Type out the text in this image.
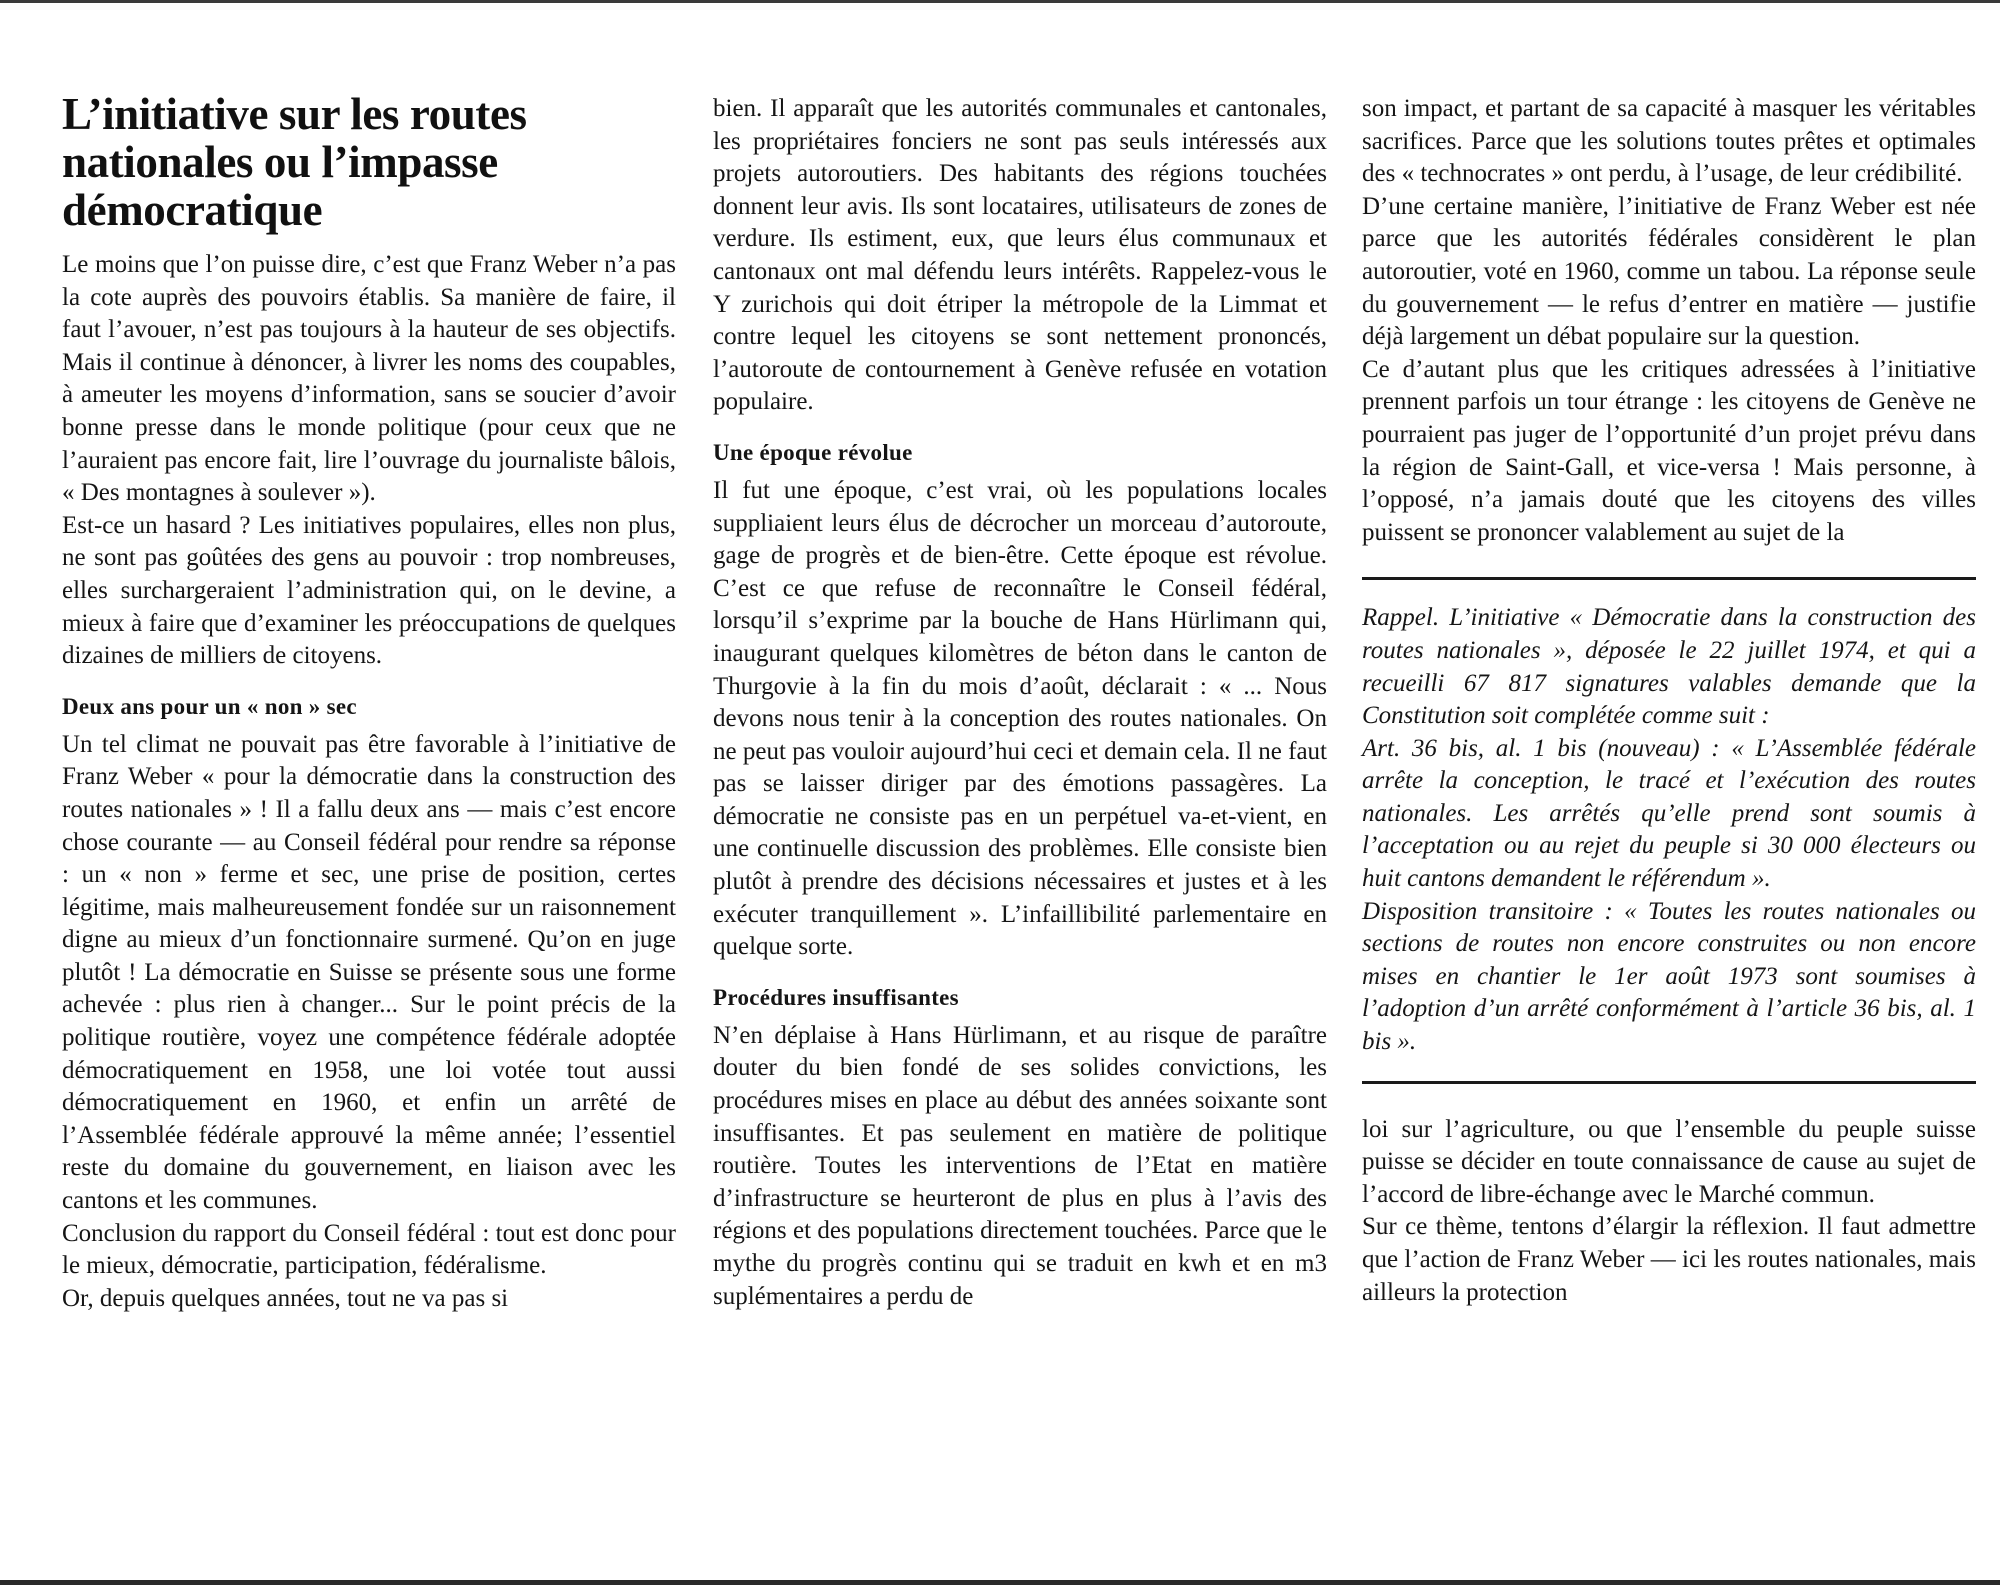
L’initiative sur les routes nationales ou l’impasse démocratique

Le moins que l’on puisse dire, c’est que Franz Weber n’a pas la cote auprès des pouvoirs établis. Sa manière de faire, il faut l’avouer, n’est pas toujours à la hauteur de ses objectifs. Mais il continue à dénoncer, à livrer les noms des coupables, à ameuter les moyens d’information, sans se soucier d’avoir bonne presse dans le monde politique (pour ceux que ne l’auraient pas encore fait, lire l’ouvrage du journaliste bâlois, « Des montagnes à soulever »).

Est-ce un hasard ? Les initiatives populaires, elles non plus, ne sont pas goûtées des gens au pouvoir : trop nombreuses, elles surchargeraient l’administration qui, on le devine, a mieux à faire que d’examiner les préoccupations de quelques dizaines de milliers de citoyens.

Deux ans pour un « non » sec

Un tel climat ne pouvait pas être favorable à l’initiative de Franz Weber « pour la démocratie dans la construction des routes nationales » ! Il a fallu deux ans — mais c’est encore chose courante — au Conseil fédéral pour rendre sa réponse : un « non » ferme et sec, une prise de position, certes légitime, mais malheureusement fondée sur un raisonnement digne au mieux d’un fonctionnaire surmené. Qu’on en juge plutôt ! La démocratie en Suisse se présente sous une forme achevée : plus rien à changer... Sur le point précis de la politique routière, voyez une compétence fédérale adoptée démocratiquement en 1958, une loi votée tout aussi démocratiquement en 1960, et enfin un arrêté de l’Assemblée fédérale approuvé la même année; l’essentiel reste du domaine du gouvernement, en liaison avec les cantons et les communes.

Conclusion du rapport du Conseil fédéral : tout est donc pour le mieux, démocratie, participation, fédéralisme.

Or, depuis quelques années, tout ne va pas si

bien. Il apparaît que les autorités communales et cantonales, les propriétaires fonciers ne sont pas seuls intéressés aux projets autoroutiers. Des habitants des régions touchées donnent leur avis. Ils sont locataires, utilisateurs de zones de verdure. Ils estiment, eux, que leurs élus communaux et cantonaux ont mal défendu leurs intérêts. Rappelez-vous le Y zurichois qui doit étriper la métropole de la Limmat et contre lequel les citoyens se sont nettement prononcés, l’autoroute de contournement à Genève refusée en votation populaire.

Une époque révolue

Il fut une époque, c’est vrai, où les populations locales suppliaient leurs élus de décrocher un morceau d’autoroute, gage de progrès et de bien-être. Cette époque est révolue. C’est ce que refuse de reconnaître le Conseil fédéral, lorsqu’il s’exprime par la bouche de Hans Hürlimann qui, inaugurant quelques kilomètres de béton dans le canton de Thurgovie à la fin du mois d’août, déclarait : « ... Nous devons nous tenir à la conception des routes nationales. On ne peut pas vouloir aujourd’hui ceci et demain cela. Il ne faut pas se laisser diriger par des émotions passagères. La démocratie ne consiste pas en un perpétuel va-et-vient, en une continuelle discussion des problèmes. Elle consiste bien plutôt à prendre des décisions nécessaires et justes et à les exécuter tranquillement ». L’infaillibilité parlementaire en quelque sorte.

Procédures insuffisantes

N’en déplaise à Hans Hürlimann, et au risque de paraître douter du bien fondé de ses solides convictions, les procédures mises en place au début des années soixante sont insuffisantes. Et pas seulement en matière de politique routière. Toutes les interventions de l’Etat en matière d’infrastructure se heurteront de plus en plus à l’avis des régions et des populations directement touchées. Parce que le mythe du progrès continu qui se traduit en kwh et en m3 suplémentaires a perdu de

son impact, et partant de sa capacité à masquer les véritables sacrifices. Parce que les solutions toutes prêtes et optimales des « technocrates » ont perdu, à l’usage, de leur crédibilité.

D’une certaine manière, l’initiative de Franz Weber est née parce que les autorités fédérales considèrent le plan autoroutier, voté en 1960, comme un tabou. La réponse seule du gouvernement — le refus d’entrer en matière — justifie déjà largement un débat populaire sur la question.

Ce d’autant plus que les critiques adressées à l’initiative prennent parfois un tour étrange : les citoyens de Genève ne pourraient pas juger de l’opportunité d’un projet prévu dans la région de Saint-Gall, et vice-versa ! Mais personne, à l’opposé, n’a jamais douté que les citoyens des villes puissent se prononcer valablement au sujet de la

Rappel. L’initiative « Démocratie dans la construction des routes nationales », déposée le 22 juillet 1974, et qui a recueilli 67 817 signatures valables demande que la Constitution soit complétée comme suit :

Art. 36 bis, al. 1 bis (nouveau) : « L’Assemblée fédérale arrête la conception, le tracé et l’exécution des routes nationales. Les arrêtés qu’elle prend sont soumis à l’acceptation ou au rejet du peuple si 30 000 électeurs ou huit cantons demandent le référendum ».

Disposition transitoire : « Toutes les routes nationales ou sections de routes non encore construites ou non encore mises en chantier le 1er août 1973 sont soumises à l’adoption d’un arrêté conformément à l’article 36 bis, al. 1 bis ».

loi sur l’agriculture, ou que l’ensemble du peuple suisse puisse se décider en toute connaissance de cause au sujet de l’accord de libre-échange avec le Marché commun.

Sur ce thème, tentons d’élargir la réflexion. Il faut admettre que l’action de Franz Weber — ici les routes nationales, mais ailleurs la protection
